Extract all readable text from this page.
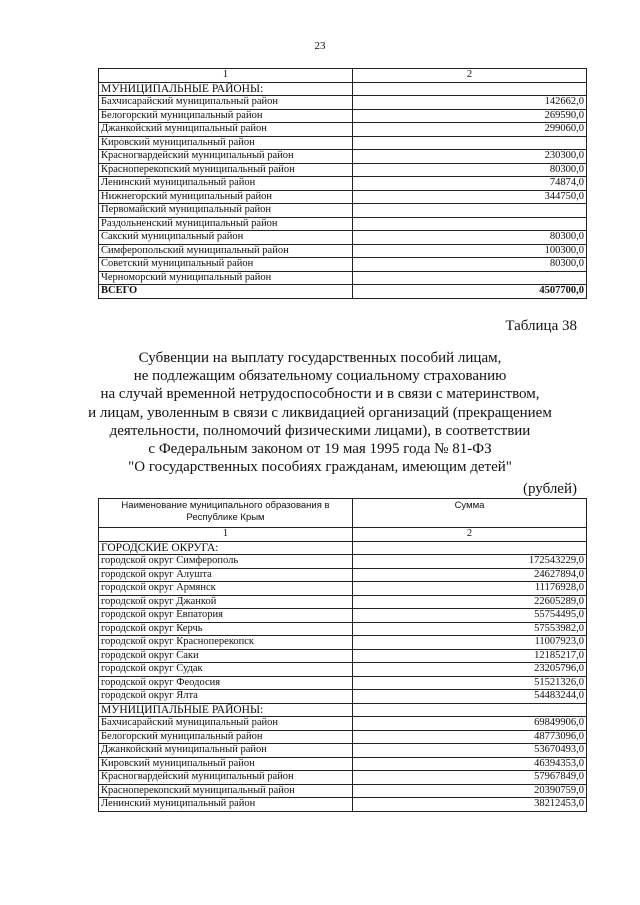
23
1	2
МУНИЦИПАЛЬНЫЕ РАЙОНЫ:	
Бахчисарайский муниципальный район	142662,0
Белогорский муниципальный район	269590,0
Джанкойский муниципальный район	299060,0
Кировский муниципальный район	
Красногвардейский муниципальный район	230300,0
Красноперекопский муниципальный район	80300,0
Ленинский муниципальный район	74874,0
Нижнегорский муниципальный район	344750,0
Первомайский муниципальный район	
Раздольненский муниципальный район	
Сакский муниципальный район	80300,0
Симферопольский муниципальный район	100300,0
Советский муниципальный район	80300,0
Черноморский муниципальный район	
ВСЕГО	4507700,0
Таблица 38
Субвенции на выплату государственных пособий лицам,
не подлежащим обязательному социальному страхованию
на случай временной нетрудоспособности и в связи с материнством,
и лицам, уволенным в связи с ликвидацией организаций (прекращением
деятельности, полномочий физическими лицами), в соответствии
с Федеральным законом от 19 мая 1995 года № 81-ФЗ
"О государственных пособиях гражданам, имеющим детей"
(рублей)
Наименование муниципального образования в Республике Крым	Сумма
1	2
ГОРОДСКИЕ ОКРУГА:	
городской округ Симферополь	172543229,0
городской округ Алушта	24627894,0
городской округ Армянск	11176928,0
городской округ Джанкой	22605289,0
городской округ Евпатория	55754495,0
городской округ Керчь	57553982,0
городской округ Красноперекопск	11007923,0
городской округ Саки	12185217,0
городской округ Судак	23205796,0
городской округ Феодосия	51521326,0
городской округ Ялта	54483244,0
МУНИЦИПАЛЬНЫЕ РАЙОНЫ:	
Бахчисарайский муниципальный район	69849906,0
Белогорский муниципальный район	48773096,0
Джанкойский муниципальный район	53670493,0
Кировский муниципальный район	46394353,0
Красногвардейский муниципальный район	57967849,0
Красноперекопский муниципальный район	20390759,0
Ленинский муниципальный район	38212453,0
